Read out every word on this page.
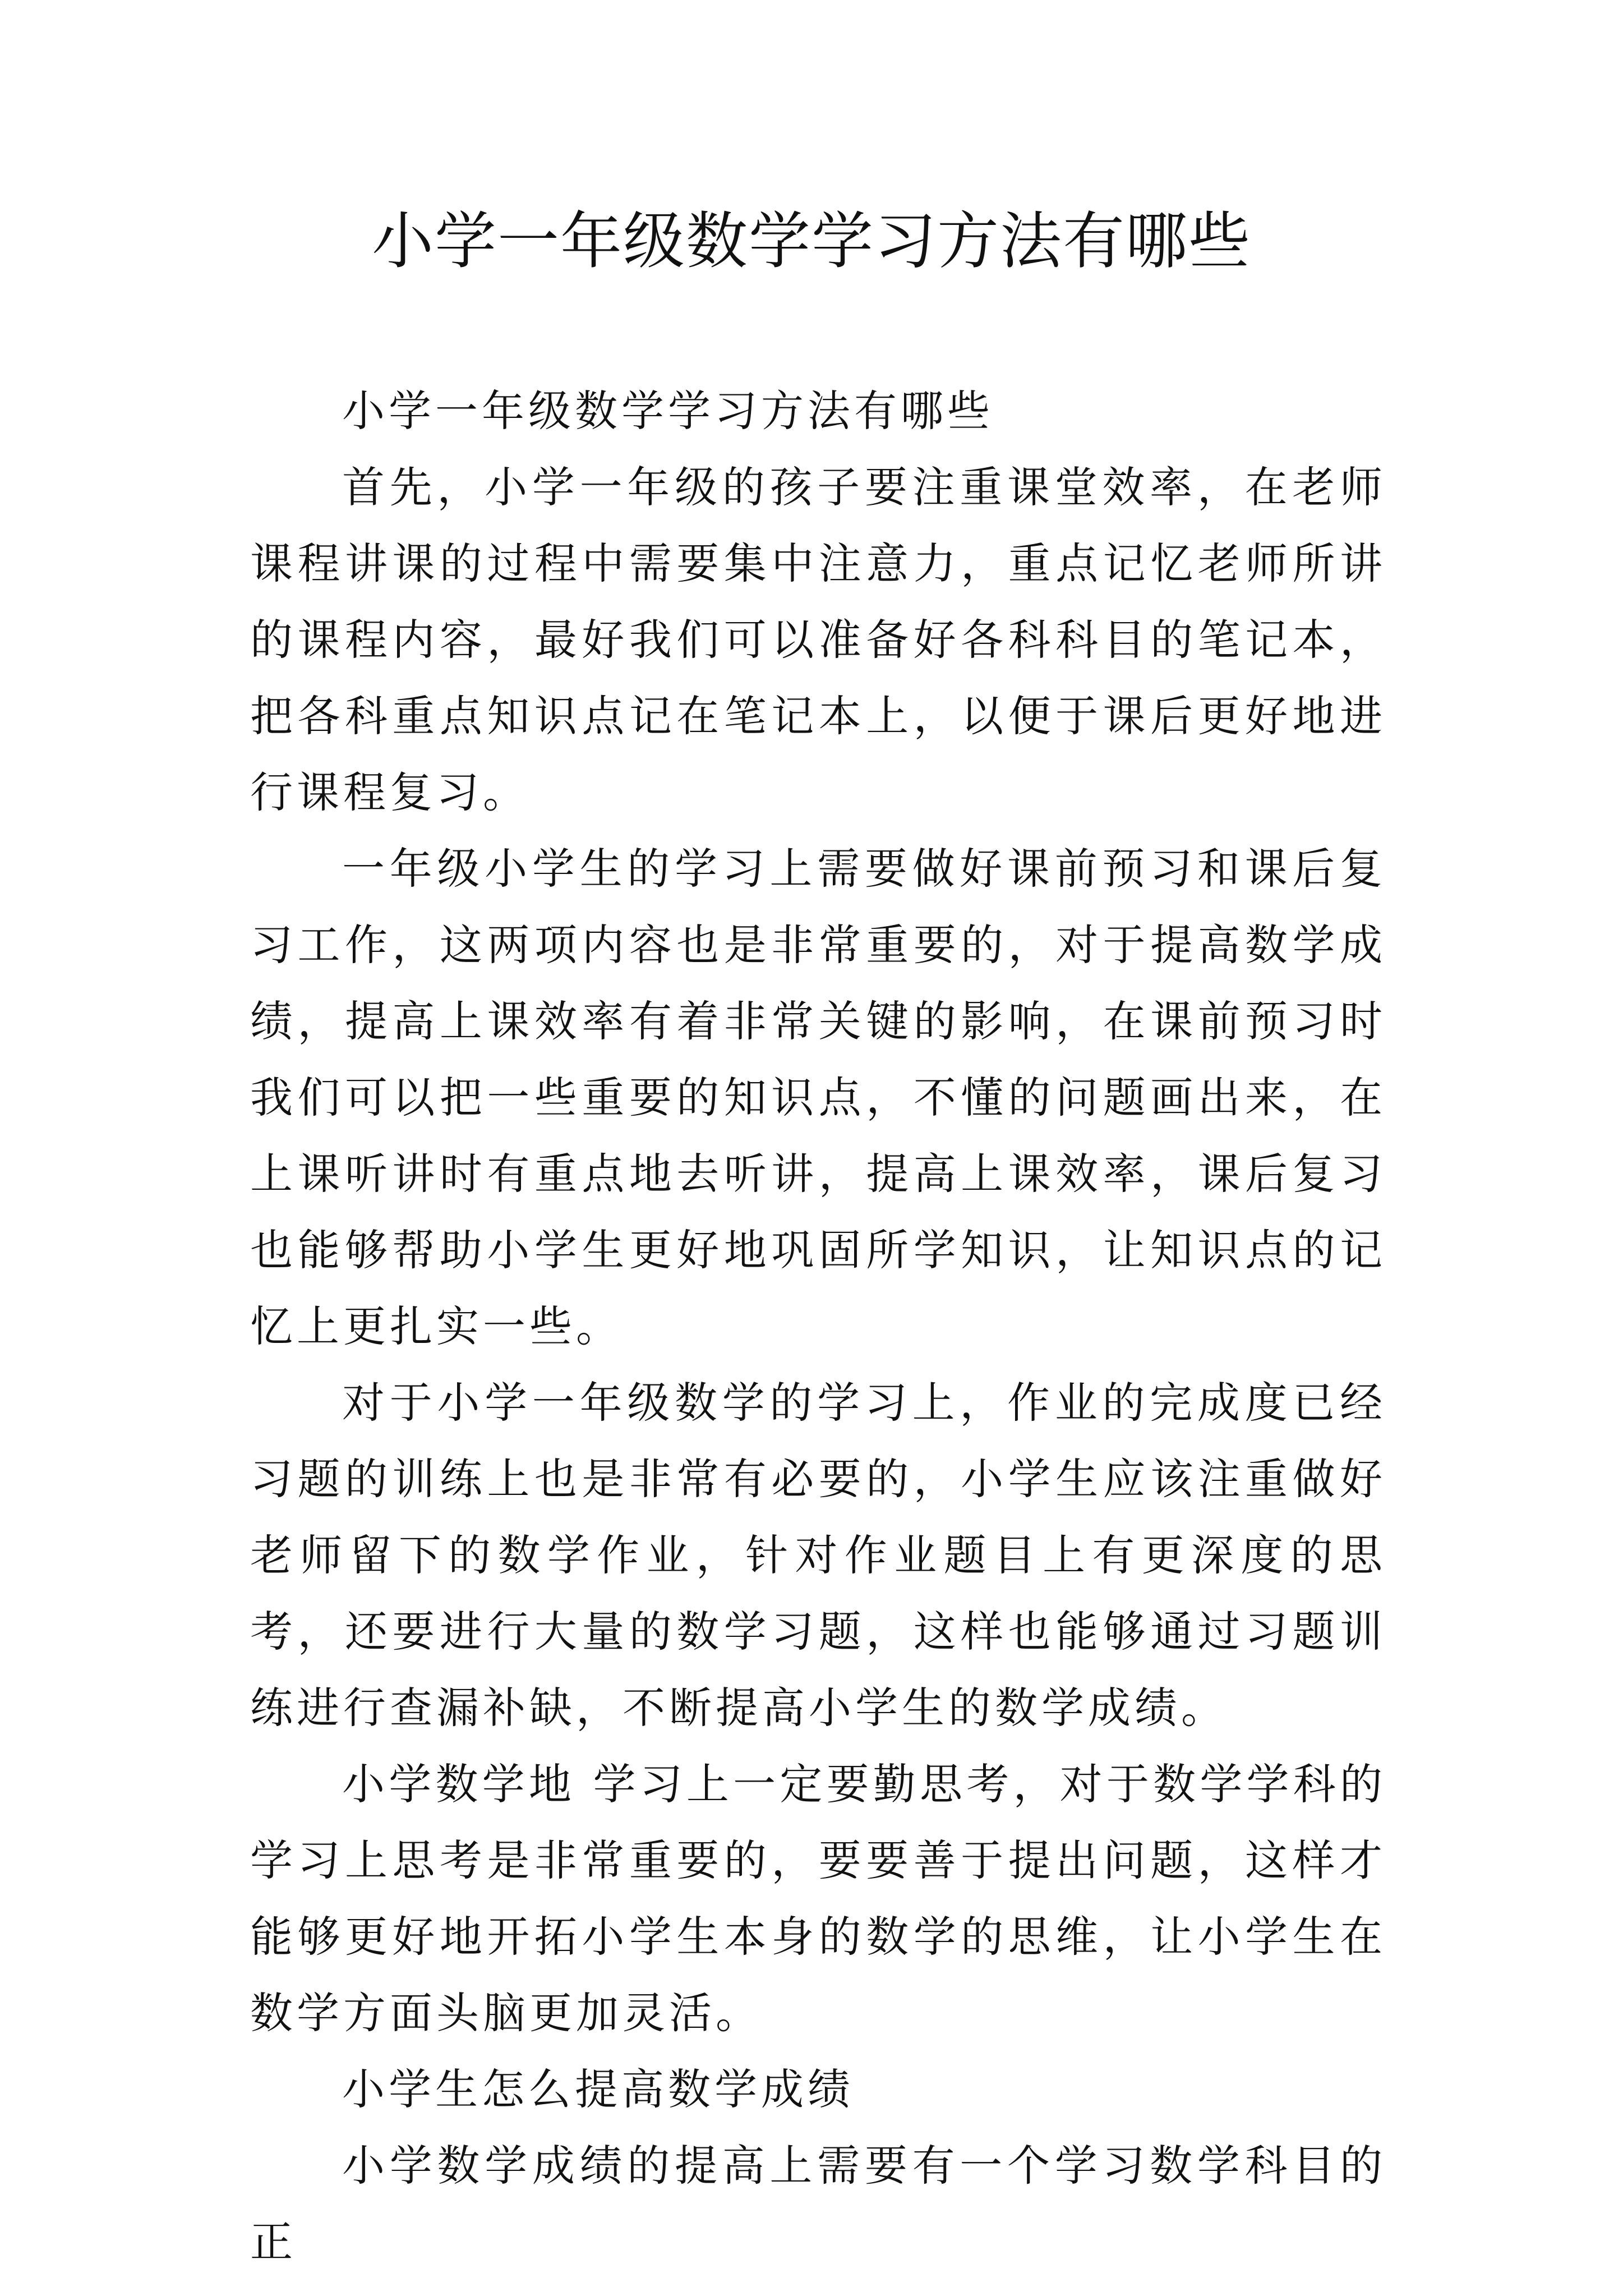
小学一年级数学学习方法有哪些

小学一年级数学学习方法有哪些

首先，小学一年级的孩子要注重课堂效率，在老师课程讲课的过程中需要集中注意力，重点记忆老师所讲的课程内容，最好我们可以准备好各科科目的笔记本，把各科重点知识点记在笔记本上，以便于课后更好地进行课程复习。

一年级小学生的学习上需要做好课前预习和课后复习工作，这两项内容也是非常重要的，对于提高数学成绩，提高上课效率有着非常关键的影响，在课前预习时我们可以把一些重要的知识点，不懂的问题画出来，在上课听讲时有重点地去听讲，提高上课效率，课后复习也能够帮助小学生更好地巩固所学知识，让知识点的记忆上更扎实一些。

对于小学一年级数学的学习上，作业的完成度已经习题的训练上也是非常有必要的，小学生应该注重做好老师留下的数学作业，针对作业题目上有更深度的思考，还要进行大量的数学习题，这样也能够通过习题训练进行查漏补缺，不断提高小学生的数学成绩。

小学数学地 学习上一定要勤思考，对于数学学科的学习上思考是非常重要的，要要善于提出问题，这样才能够更好地开拓小学生本身的数学的思维，让小学生在数学方面头脑更加灵活。

小学生怎么提高数学成绩

小学数学成绩的提高上需要有一个学习数学科目的正
